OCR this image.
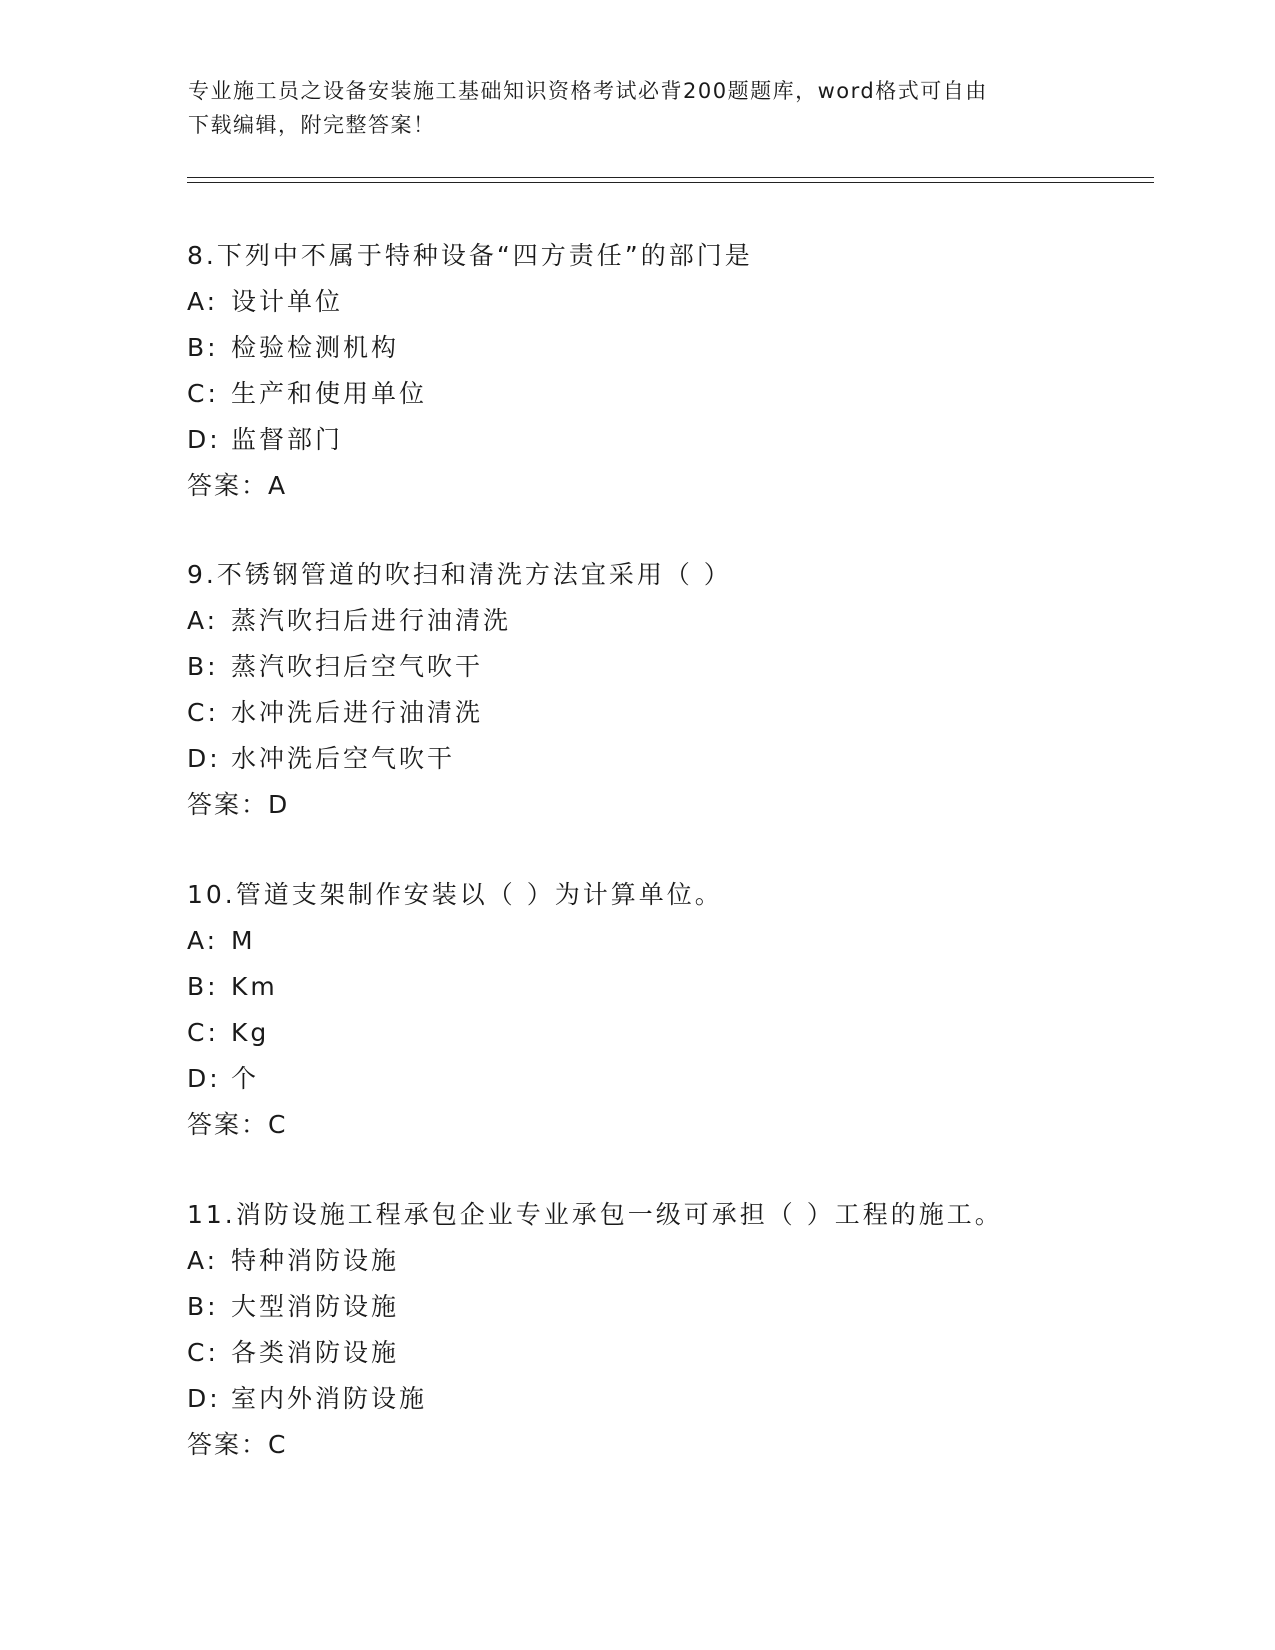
专业施工员之设备安装施工基础知识资格考试必背200题题库，word格式可自由

下载编辑，附完整答案！

8.下列中不属于特种设备“四方责任”的部门是
A: 设计单位
B: 检验检测机构
C: 生产和使用单位
D: 监督部门
答案：A
9.不锈钢管道的吹扫和清洗方法宜采用（ ）
A: 蒸汽吹扫后进行油清洗
B: 蒸汽吹扫后空气吹干
C: 水冲洗后进行油清洗
D: 水冲洗后空气吹干
答案：D
10.管道支架制作安装以（ ）为计算单位。
A: M
B: Km
C: Kg
D: 个
答案：C
11.消防设施工程承包企业专业承包一级可承担（ ）工程的施工。
A: 特种消防设施
B: 大型消防设施
C: 各类消防设施
D: 室内外消防设施
答案：C
